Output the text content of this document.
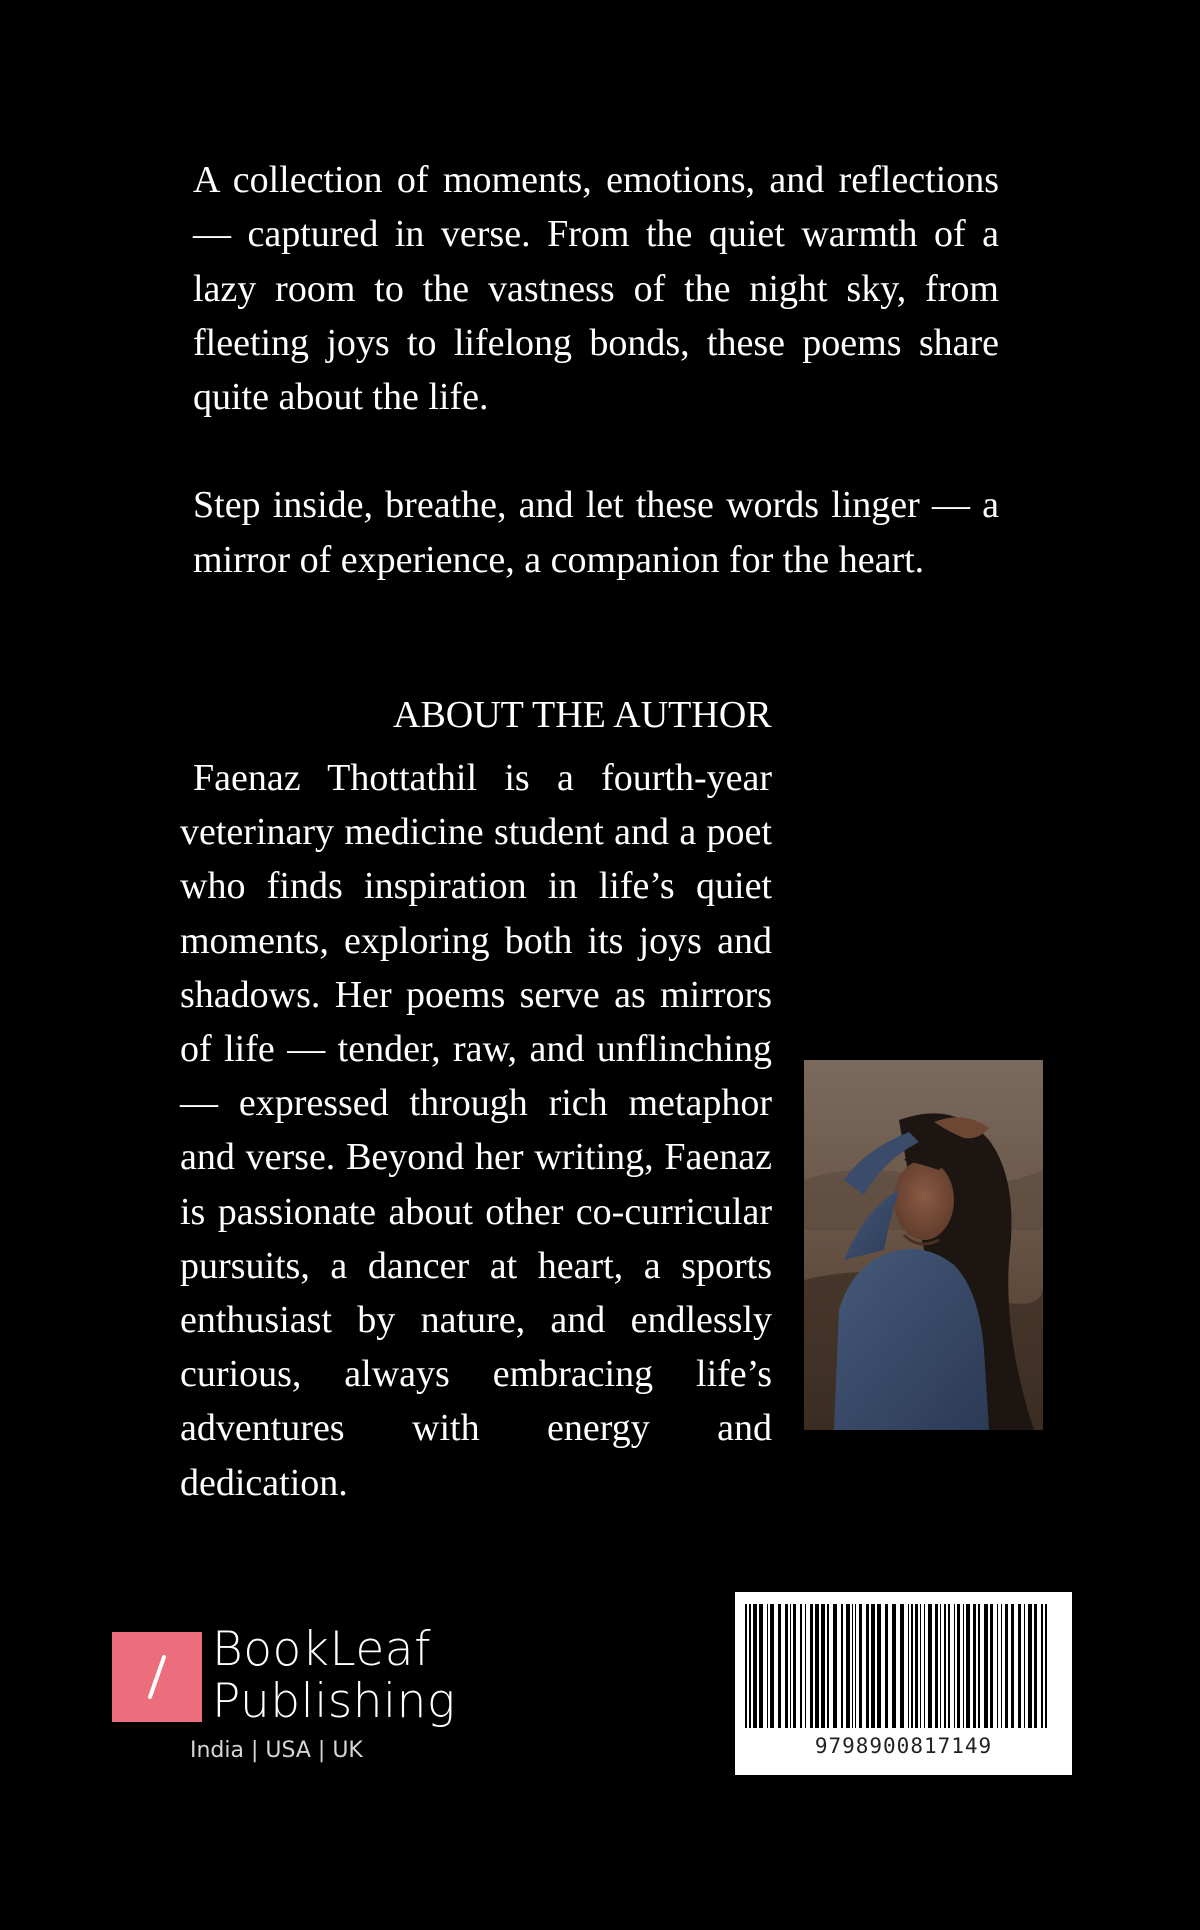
A collection of moments, emotions, and reflections — captured in verse. From the quiet warmth of a lazy room to the vastness of the night sky, from fleeting joys to lifelong bonds, these poems share quite about the life.

Step inside, breathe, and let these words linger — a mirror of experience, a companion for the heart.

ABOUT THE AUTHOR

Faenaz Thottathil is a fourth-year veterinary medicine student and a poet who finds inspiration in life’s quiet moments, exploring both its joys and shadows. Her poems serve as mirrors of life — tender, raw, and unflinching — expressed through rich metaphor and verse. Beyond her writing, Faenaz is passionate about other co-curricular pursuits, a dancer at heart, a sports enthusiast by nature, and endlessly curious, always embracing life’s adventures with energy and dedication.

BookLeaf
Publishing
India | USA | UK	9798900817149
